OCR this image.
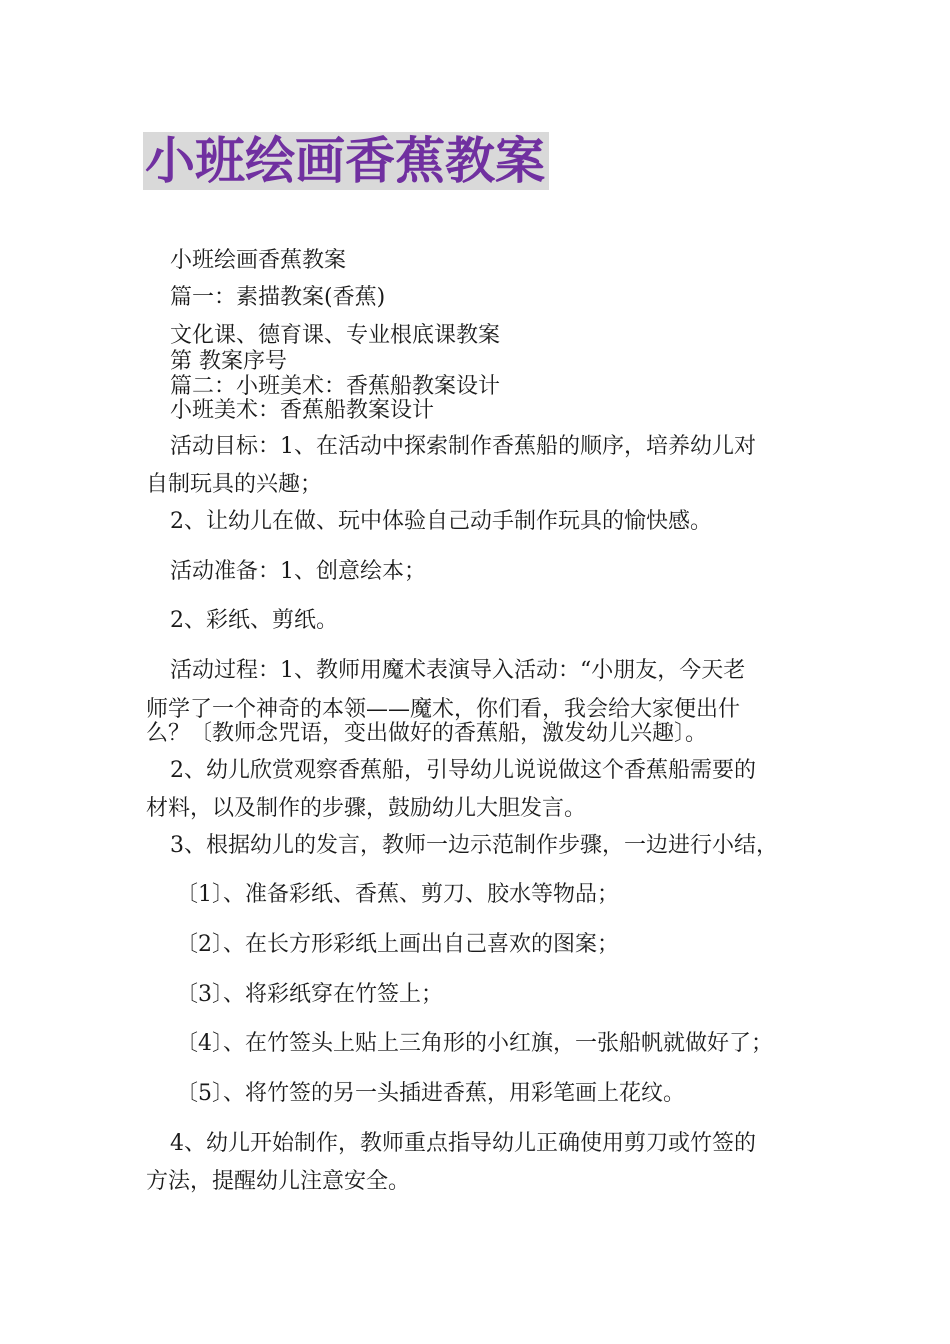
小班绘画香蕉教案
小班绘画香蕉教案
篇一：素描教案(香蕉)
文化课、德育课、专业根底课教案
第 教案序号
篇二：小班美术：香蕉船教案设计
小班美术：香蕉船教案设计
活动目标：1、在活动中探索制作香蕉船的顺序，培养幼儿对
自制玩具的兴趣；
2、让幼儿在做、玩中体验自己动手制作玩具的愉快感。
活动准备：1、创意绘本；
2、彩纸、剪纸。
活动过程：1、教师用魔术表演导入活动：“小朋友，今天老
师学了一个神奇的本领——魔术，你们看，我会给大家便出什
么？〔教师念咒语，变出做好的香蕉船，激发幼儿兴趣〕。
2、幼儿欣赏观察香蕉船，引导幼儿说说做这个香蕉船需要的
材料，以及制作的步骤，鼓励幼儿大胆发言。
3、根据幼儿的发言，教师一边示范制作步骤，一边进行小结，
〔1〕、准备彩纸、香蕉、剪刀、胶水等物品；
〔2〕、在长方形彩纸上画出自己喜欢的图案；
〔3〕、将彩纸穿在竹签上；
〔4〕、在竹签头上贴上三角形的小红旗，一张船帆就做好了；
〔5〕、将竹签的另一头插进香蕉，用彩笔画上花纹。
4、幼儿开始制作，教师重点指导幼儿正确使用剪刀或竹签的
方法，提醒幼儿注意安全。
